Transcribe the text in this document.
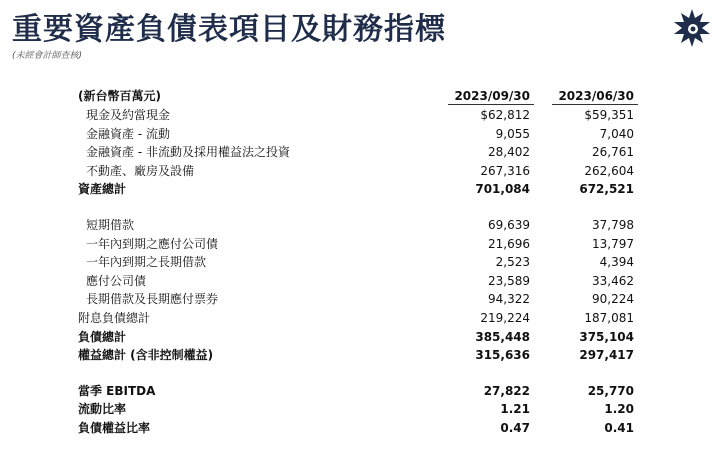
重要資產負債表項目及財務指標
(未經會計師查核)
(新台幣百萬元)	2023/09/30 2023/06/30
現金及約當現金	$62,812	$59,351
金融資產 - 流動	9,055	7,040
金融資產 - 非流動及採用權益法之投資	28,402	26,761
不動產、廠房及設備	267,316	262,604
資產總計	701,084	672,521
短期借款	69,639	37,798
一年內到期之應付公司債	21,696	13,797
一年內到期之長期借款	2,523	4,394
應付公司債	23,589	33,462
長期借款及長期應付票券	94,322	90,224
附息負債總計	219,224	187,081
負債總計	385,448	375,104
權益總計 (含非控制權益)	315,636	297,417
當季 EBITDA	27,822	25,770
流動比率	1.21	1.20
負債權益比率	0.47	0.41
